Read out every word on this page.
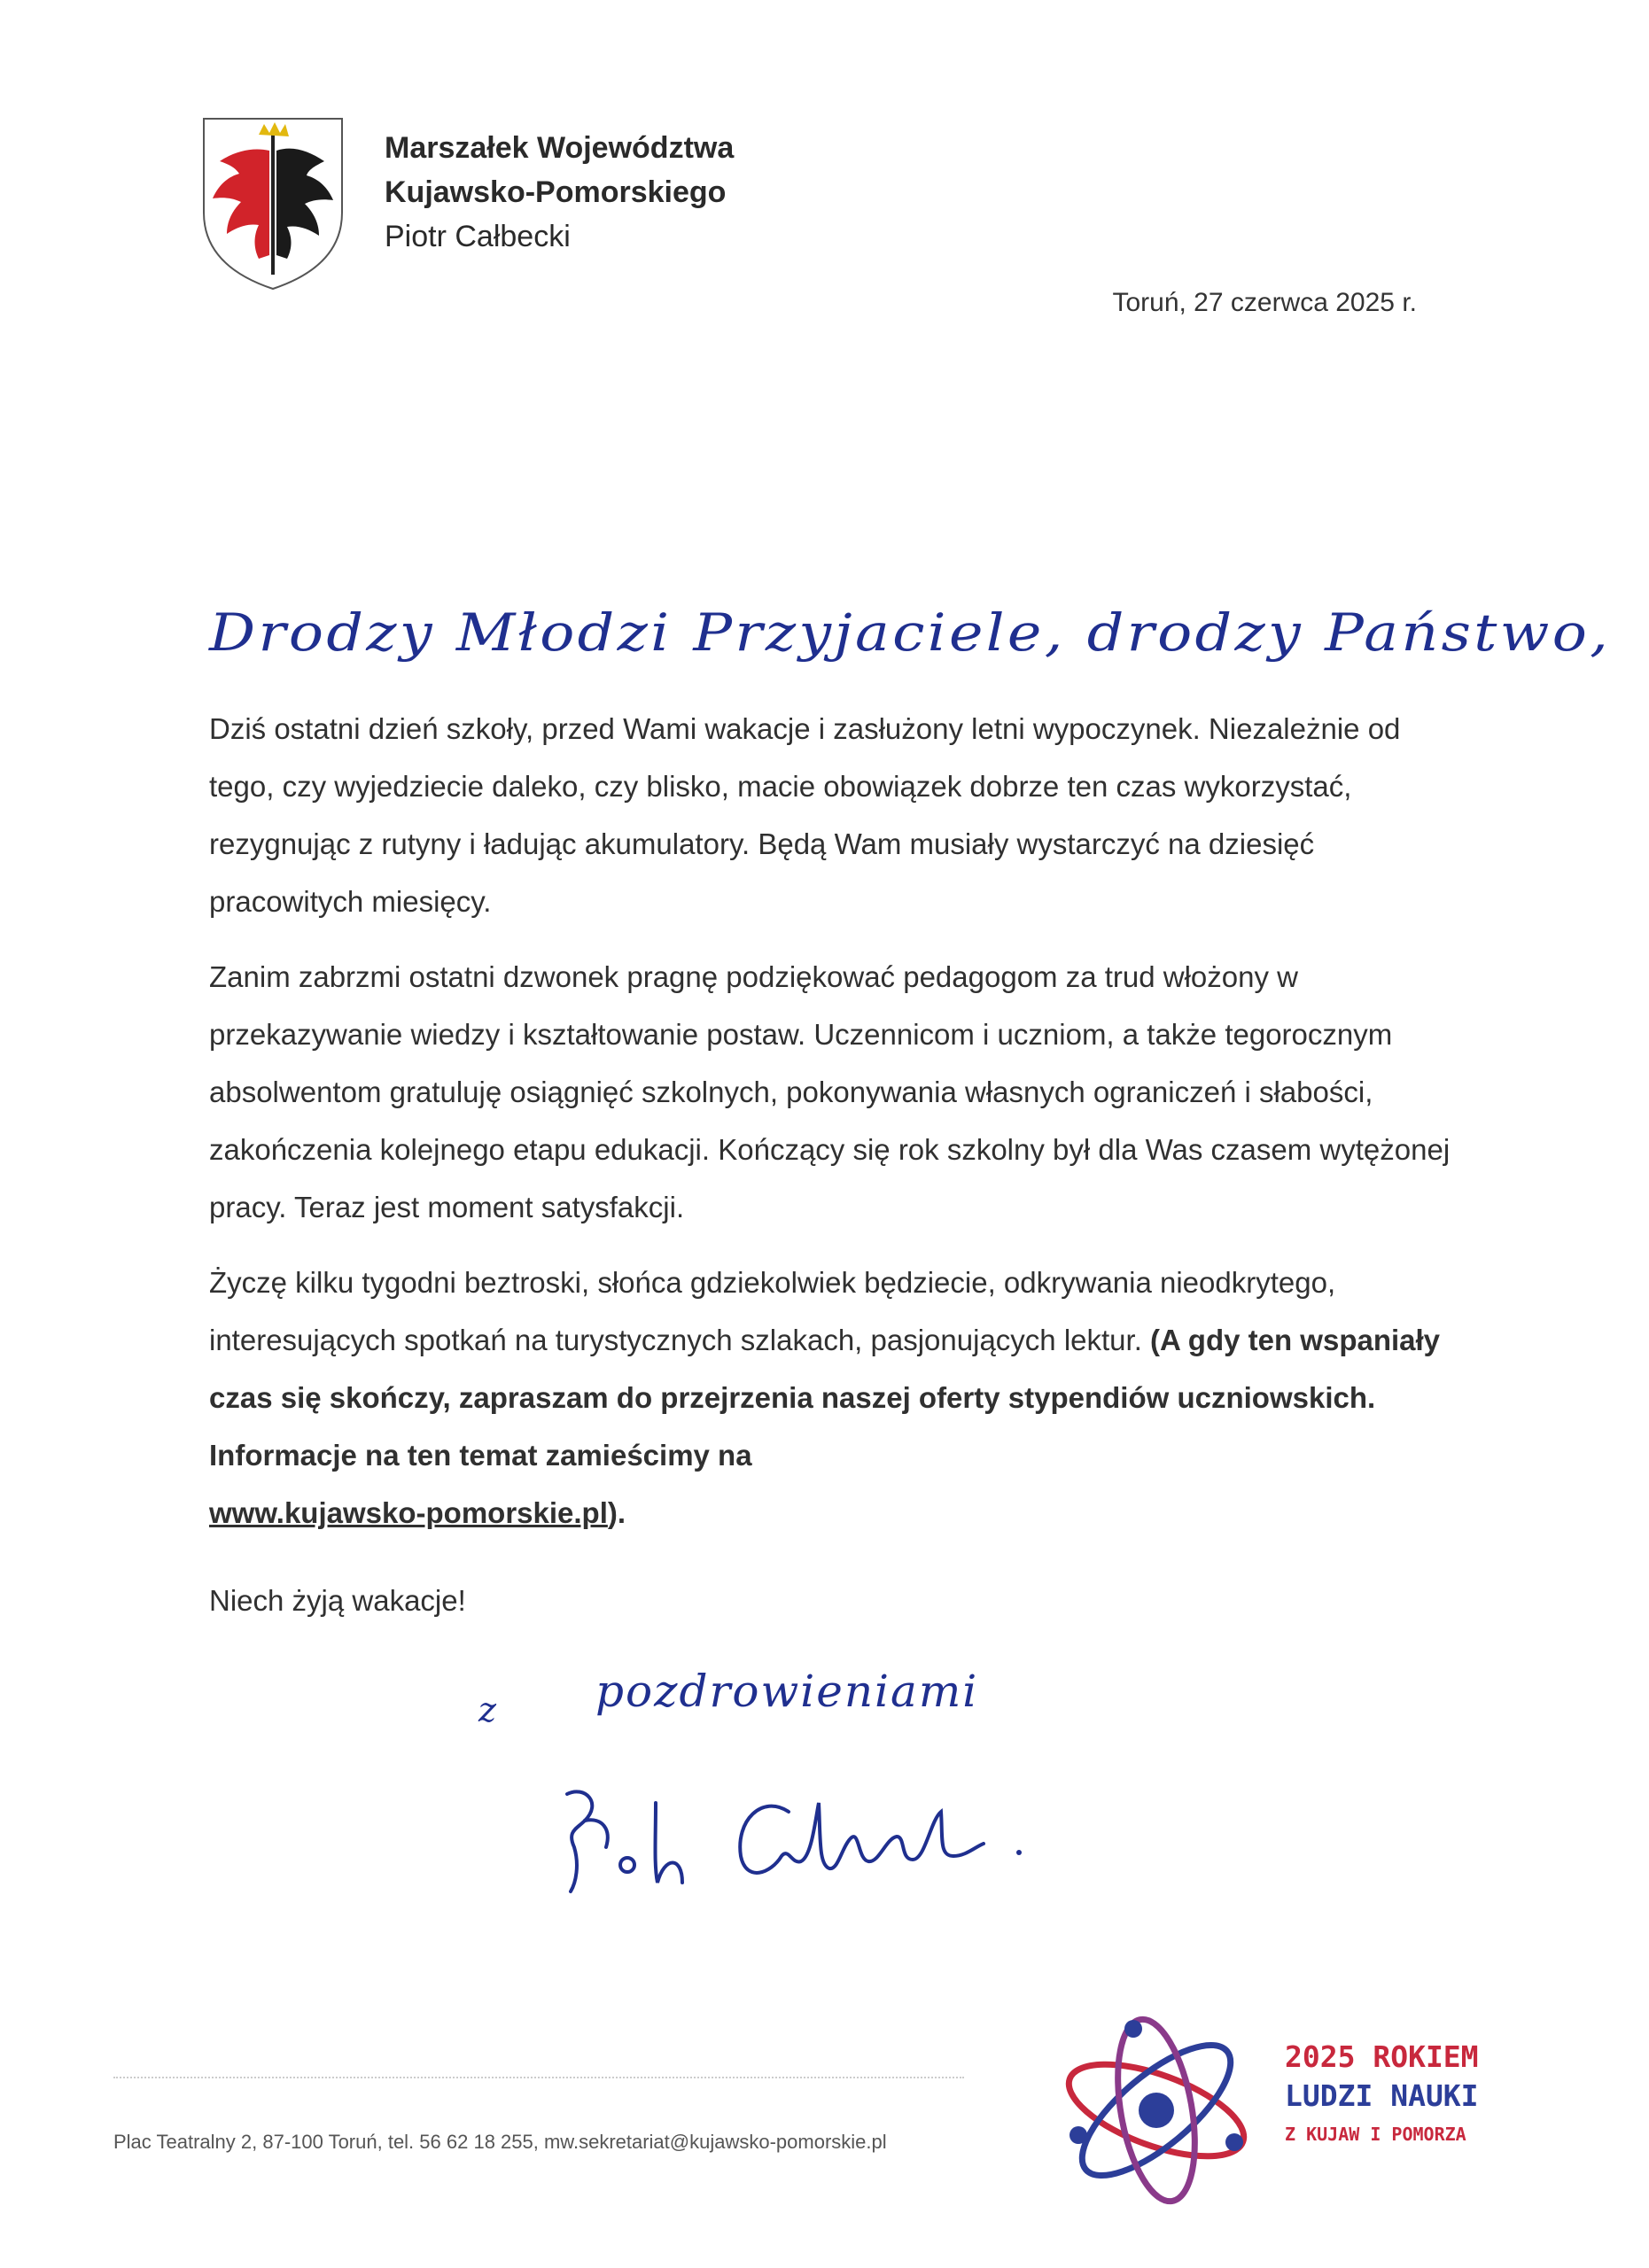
Marszałek Województwa
Kujawsko-Pomorskiego
Piotr Całbecki
Toruń, 27 czerwca 2025 r.
Drodzy Młodzi Przyjaciele, drodzy Państwo,

Dziś ostatni dzień szkoły, przed Wami wakacje i zasłużony letni wypoczynek. Niezależnie od tego, czy wyjedziecie daleko, czy blisko, macie obowiązek dobrze ten czas wykorzystać, rezygnując z rutyny i ładując akumulatory. Będą Wam musiały wystarczyć na dziesięć pracowitych miesięcy.

Zanim zabrzmi ostatni dzwonek pragnę podziękować pedagogom za trud włożony w przekazywanie wiedzy i kształtowanie postaw. Uczennicom i uczniom, a także tegorocznym absolwentom gratuluję osiągnięć szkolnych, pokonywania własnych ograniczeń i słabości, zakończenia kolejnego etapu edukacji. Kończący się rok szkolny był dla Was czasem wytężonej pracy. Teraz jest moment satysfakcji.

Życzę kilku tygodni beztroski, słońca gdziekolwiek będziecie, odkrywania nieodkrytego, interesujących spotkań na turystycznych szlakach, pasjonujących lektur. (A gdy ten wspaniały czas się skończy, zapraszam do przejrzenia naszej oferty stypendiów uczniowskich. Informacje na ten temat zamieścimy na
www.kujawsko-pomorskie.pl).

Niech żyją wakacje!
z pozdrowieniami
Plac Teatralny 2, 87-100 Toruń, tel. 56 62 18 255, mw.sekretariat@kujawsko-pomorskie.pl
2025 ROKIEM
LUDZI NAUKI
Z KUJAW I POMORZA
